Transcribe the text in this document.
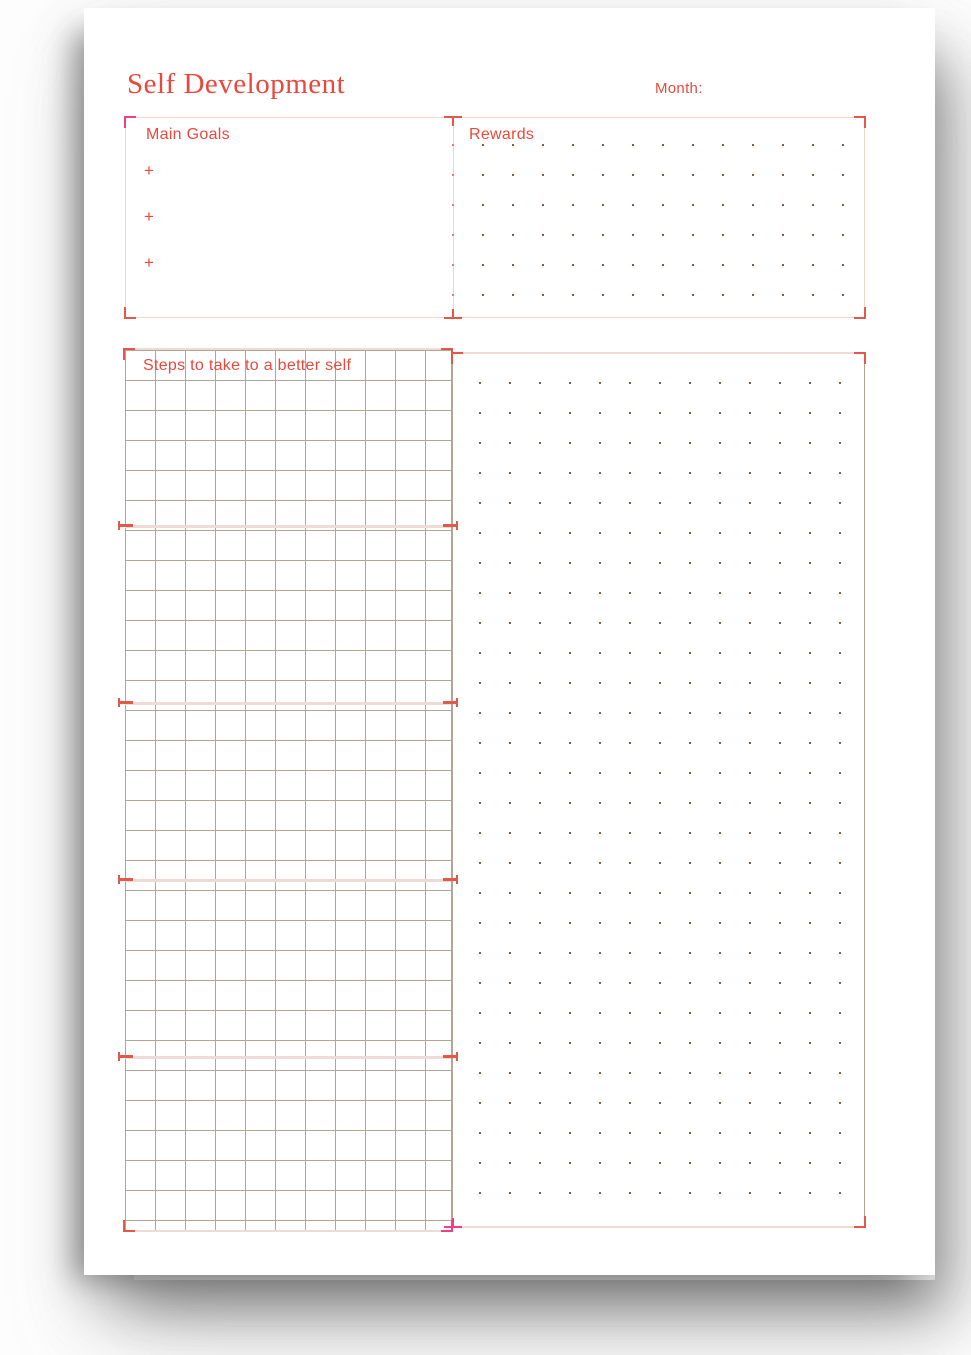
Self Development	Month:
Main Goals
+
+
+
Rewards
Steps to take to a better self
